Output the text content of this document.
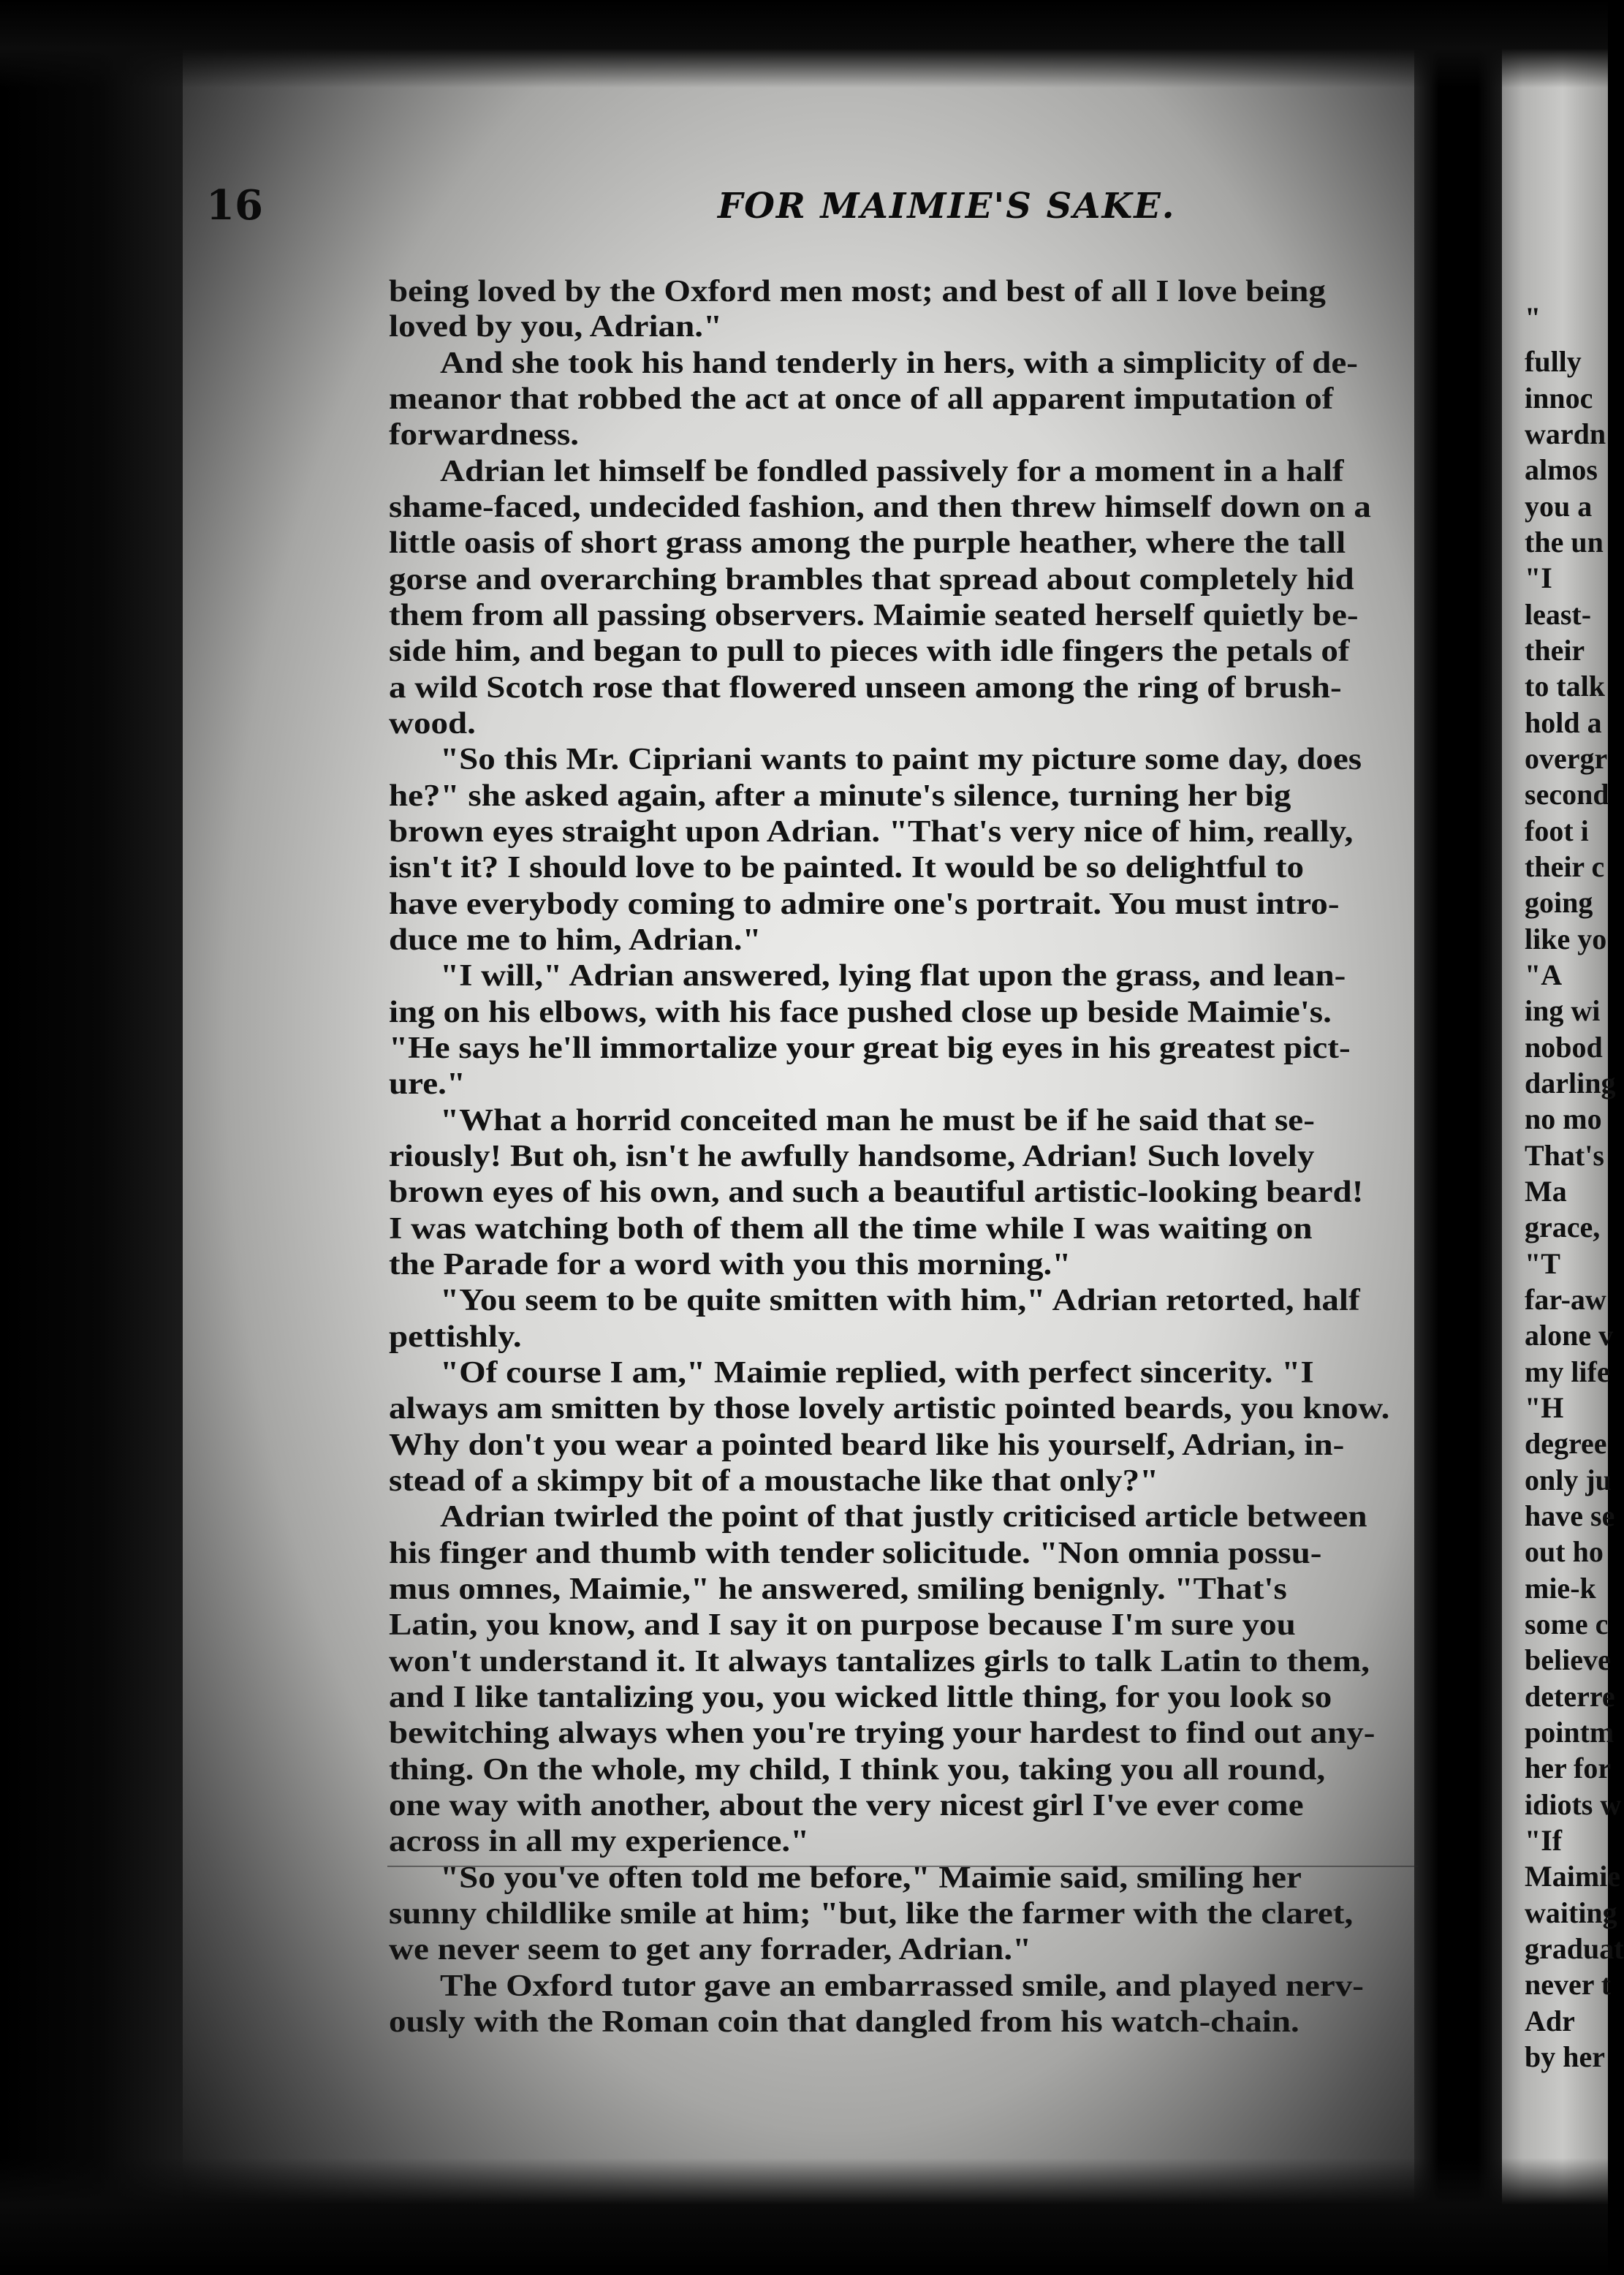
16	FOR MAIMIE'S SAKE.
being loved by the Oxford men most; and best of all I love being
loved by you, Adrian."
And she took his hand tenderly in hers, with a simplicity of de-
meanor that robbed the act at once of all apparent imputation of
forwardness.
Adrian let himself be fondled passively for a moment in a half
shame-faced, undecided fashion, and then threw himself down on a
little oasis of short grass among the purple heather, where the tall
gorse and overarching brambles that spread about completely hid
them from all passing observers. Maimie seated herself quietly be-
side him, and began to pull to pieces with idle fingers the petals of
a wild Scotch rose that flowered unseen among the ring of brush-
wood.
"So this Mr. Cipriani wants to paint my picture some day, does
he?" she asked again, after a minute's silence, turning her big
brown eyes straight upon Adrian. "That's very nice of him, really,
isn't it? I should love to be painted. It would be so delightful to
have everybody coming to admire one's portrait. You must intro-
duce me to him, Adrian."
"I will," Adrian answered, lying flat upon the grass, and lean-
ing on his elbows, with his face pushed close up beside Maimie's.
"He says he'll immortalize your great big eyes in his greatest pict-
ure."
"What a horrid conceited man he must be if he said that se-
riously! But oh, isn't he awfully handsome, Adrian! Such lovely
brown eyes of his own, and such a beautiful artistic-looking beard!
I was watching both of them all the time while I was waiting on
the Parade for a word with you this morning."
"You seem to be quite smitten with him," Adrian retorted, half
pettishly.
"Of course I am," Maimie replied, with perfect sincerity. "I
always am smitten by those lovely artistic pointed beards, you know.
Why don't you wear a pointed beard like his yourself, Adrian, in-
stead of a skimpy bit of a moustache like that only?"
Adrian twirled the point of that justly criticised article between
his finger and thumb with tender solicitude. "Non omnia possu-
mus omnes, Maimie," he answered, smiling benignly. "That's
Latin, you know, and I say it on purpose because I'm sure you
won't understand it. It always tantalizes girls to talk Latin to them,
and I like tantalizing you, you wicked little thing, for you look so
bewitching always when you're trying your hardest to find out any-
thing. On the whole, my child, I think you, taking you all round,
one way with another, about the very nicest girl I've ever come
across in all my experience."
"So you've often told me before," Maimie said, smiling her
sunny childlike smile at him; "but, like the farmer with the claret,
we never seem to get any forrader, Adrian."
The Oxford tutor gave an embarrassed smile, and played nerv-
ously with the Roman coin that dangled from his watch-chain.
"
fully
innoc
wardn
almos
you a
the un
"I
least-
their
to talk
hold a
overgr
second
foot i
their c
going
like yo
"A
ing wi
nobod
darling
no mo
That's
Ma
grace,
"T
far-aw
alone v
my life
"H
degree
only ju
have se
out ho
mie-k
some c
believe
deterre
pointm
her for
idiots w
"If
Maimie
waiting
graduat
never t
Adr
by her
